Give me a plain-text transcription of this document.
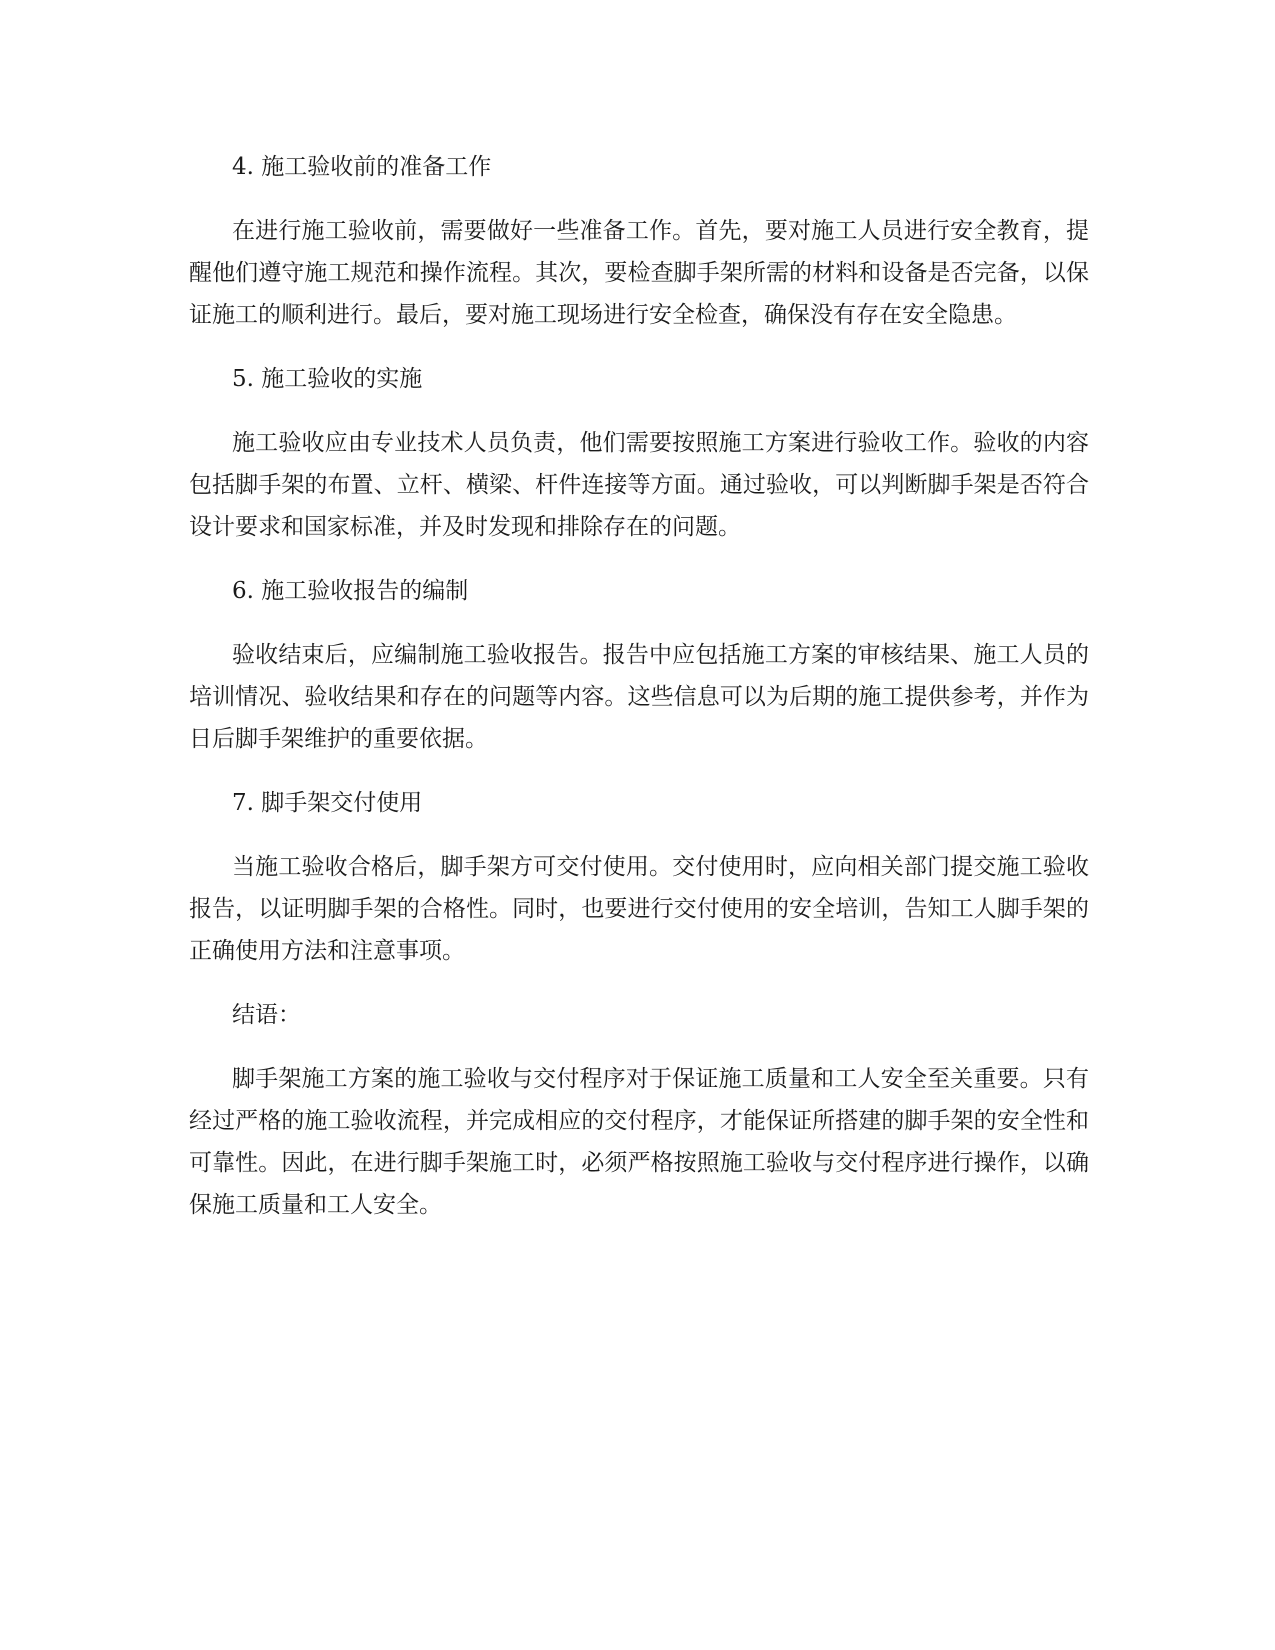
4. 施工验收前的准备工作

在进行施工验收前，需要做好一些准备工作。首先，要对施工人员进行安全教育，提醒他们遵守施工规范和操作流程。其次，要检查脚手架所需的材料和设备是否完备，以保证施工的顺利进行。最后，要对施工现场进行安全检查，确保没有存在安全隐患。

5. 施工验收的实施

施工验收应由专业技术人员负责，他们需要按照施工方案进行验收工作。验收的内容包括脚手架的布置、立杆、横梁、杆件连接等方面。通过验收，可以判断脚手架是否符合设计要求和国家标准，并及时发现和排除存在的问题。

6. 施工验收报告的编制

验收结束后，应编制施工验收报告。报告中应包括施工方案的审核结果、施工人员的培训情况、验收结果和存在的问题等内容。这些信息可以为后期的施工提供参考，并作为日后脚手架维护的重要依据。

7. 脚手架交付使用

当施工验收合格后，脚手架方可交付使用。交付使用时，应向相关部门提交施工验收报告，以证明脚手架的合格性。同时，也要进行交付使用的安全培训，告知工人脚手架的正确使用方法和注意事项。

结语：

脚手架施工方案的施工验收与交付程序对于保证施工质量和工人安全至关重要。只有经过严格的施工验收流程，并完成相应的交付程序，才能保证所搭建的脚手架的安全性和可靠性。因此，在进行脚手架施工时，必须严格按照施工验收与交付程序进行操作，以确保施工质量和工人安全。
